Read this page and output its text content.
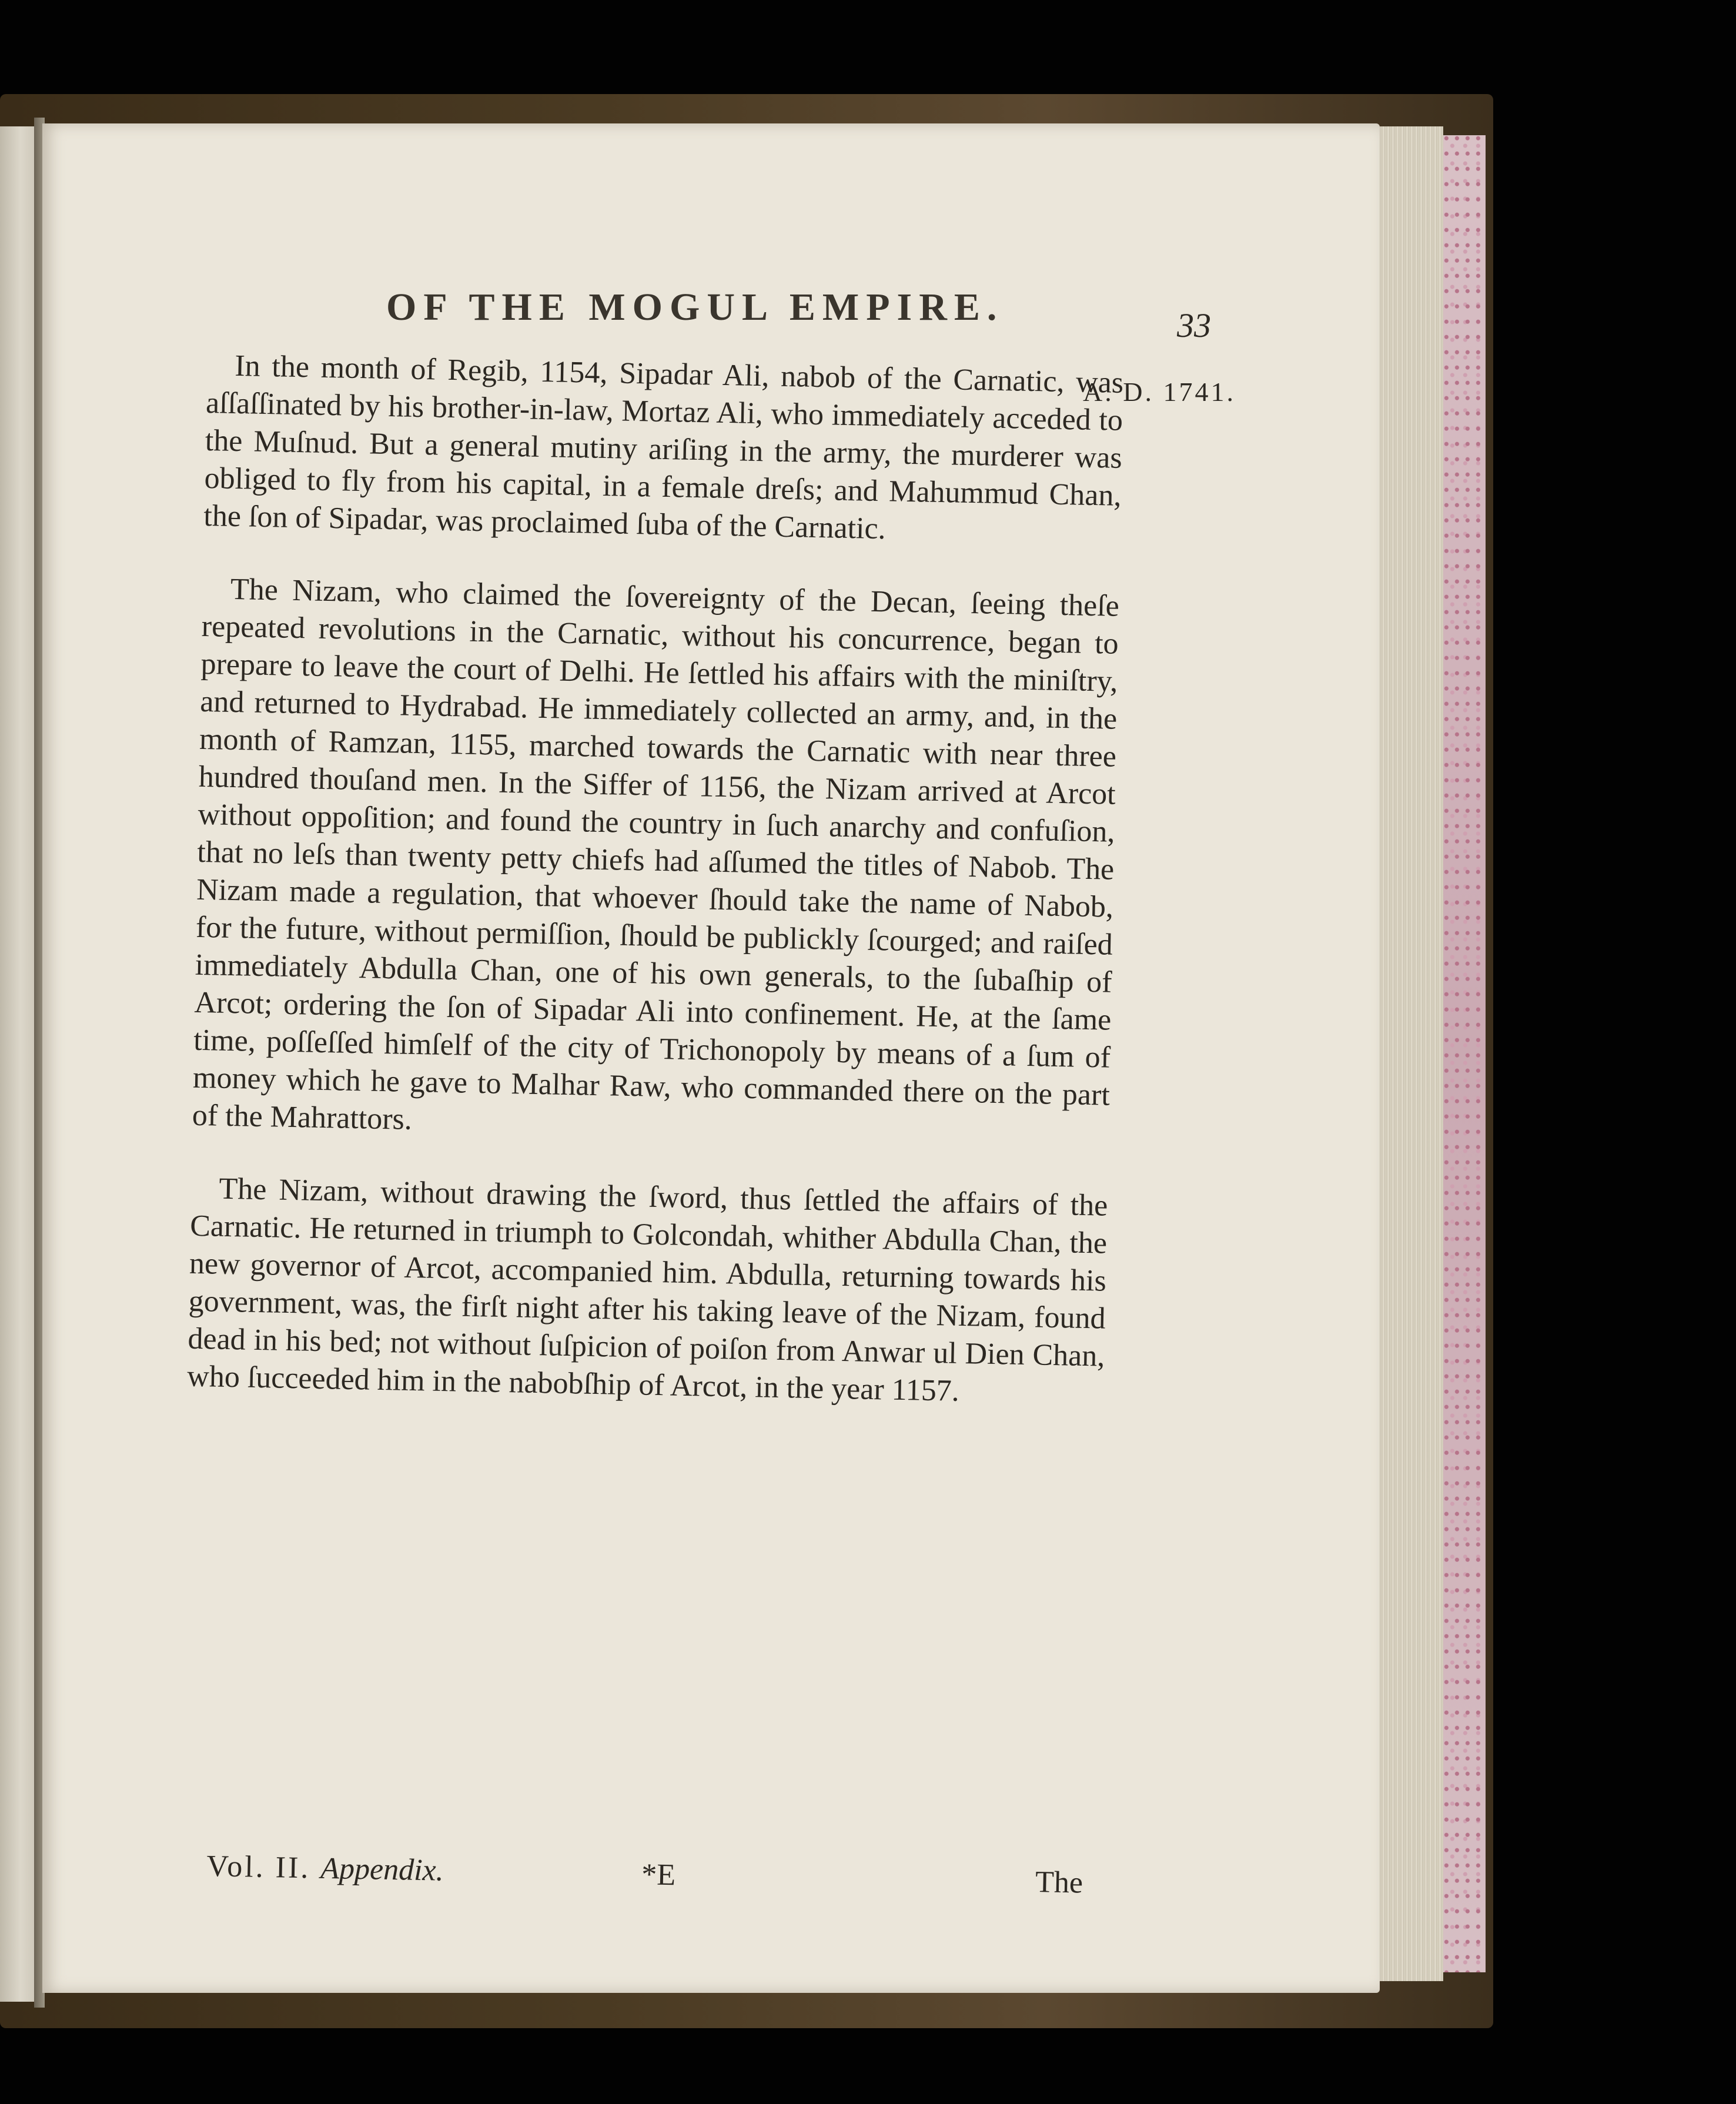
OF THE MOGUL EMPIRE.	33
A. D. 1741.

In the month of Regib, 1154, Sipadar Ali, nabob of the Carnatic, was aſſaſſinated by his brother-in-law, Mortaz Ali, who immediately acceded to the Muſnud. But a general mutiny ariſing in the army, the murderer was obliged to fly from his capital, in a female dreſs; and Mahummud Chan, the ſon of Sipadar, was proclaimed ſuba of the Carnatic.

The Nizam, who claimed the ſovereignty of the Decan, ſeeing theſe repeated revolutions in the Carnatic, without his concurrence, began to prepare to leave the court of Delhi. He ſettled his affairs with the miniſtry, and returned to Hydrabad. He immediately collected an army, and, in the month of Ramzan, 1155, marched towards the Carnatic with near three hundred thouſand men. In the Siffer of 1156, the Nizam arrived at Arcot without oppoſition; and found the country in ſuch anarchy and confuſion, that no leſs than twenty petty chiefs had aſſumed the titles of Nabob. The Nizam made a regulation, that whoever ſhould take the name of Nabob, for the future, without permiſſion, ſhould be publickly ſcourged; and raiſed immediately Abdulla Chan, one of his own generals, to the ſubaſhip of Arcot; ordering the ſon of Sipadar Ali into confinement. He, at the ſame time, poſſeſſed himſelf of the city of Trichonopoly by means of a ſum of money which he gave to Malhar Raw, who commanded there on the part of the Mahrattors.

The Nizam, without drawing the ſword, thus ſettled the affairs of the Carnatic. He returned in triumph to Golcondah, whither Abdulla Chan, the new governor of Arcot, accompanied him. Abdulla, returning towards his government, was, the firſt night after his taking leave of the Nizam, found dead in his bed; not without ſuſpicion of poiſon from Anwar ul Dien Chan, who ſucceeded him in the nabobſhip of Arcot, in the year 1157.

Vol. II. Appendix.	*E	The
